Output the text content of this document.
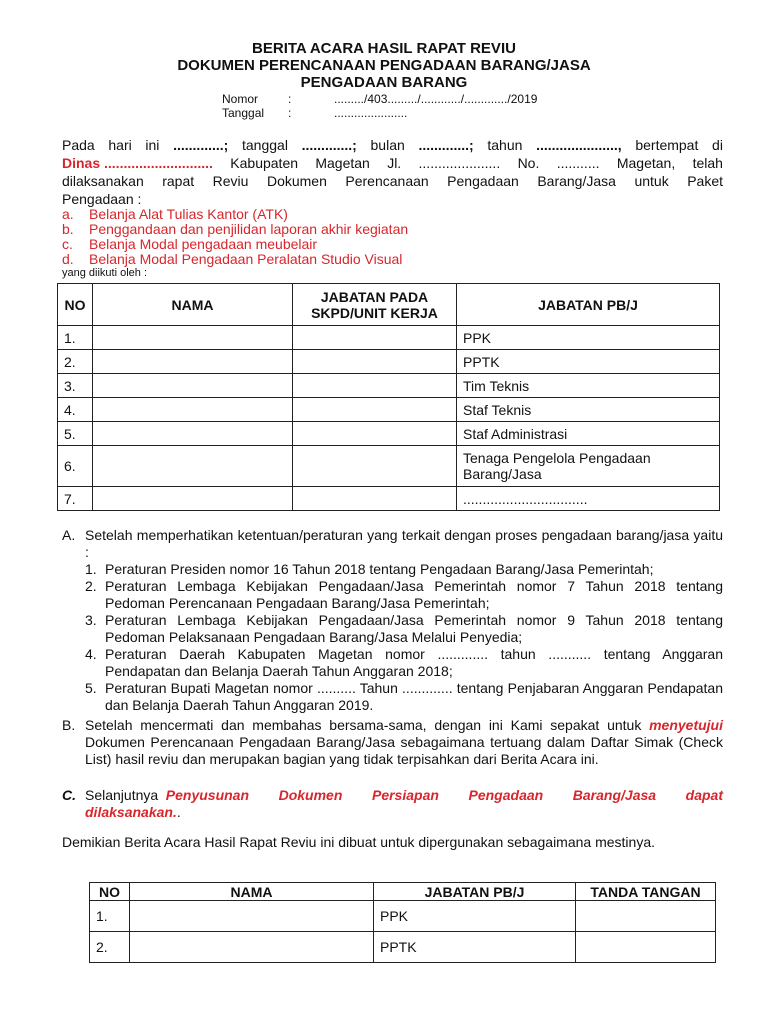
BERITA ACARA HASIL RAPAT REVIU
DOKUMEN PERENCANAAN PENGADAAN BARANG/JASA
PENGADAAN BARANG
Nomor :	........./403........./............/............./2019
Tanggal :	......................
Pada hari ini .............; tanggal .............; bulan .............; tahun ....................., bertempat di
Dinas ............................ Kabupaten Magetan Jl. ..................... No. ........... Magetan, telah
dilaksanakan rapat Reviu Dokumen Perencanaan Pengadaan Barang/Jasa untuk Paket
Pengadaan :
a.	Belanja Alat Tulias Kantor (ATK)
b.	Penggandaan dan penjilidan laporan akhir kegiatan
c.	Belanja Modal pengadaan meubelair
d.	Belanja Modal Pengadaan Peralatan Studio Visual
yang diikuti oleh :
NO	NAMA	JABATAN PADA SKPD/UNIT KERJA	JABATAN PB/J
1.			PPK
2.			PPTK
3.			Tim Teknis
4.			Staf Teknis
5.			Staf Administrasi
6.			Tenaga Pengelola Pengadaan Barang/Jasa
7.			................................
A. Setelah memperhatikan ketentuan/peraturan yang terkait dengan proses pengadaan barang/jasa yaitu :
1. Peraturan Presiden nomor 16 Tahun 2018 tentang Pengadaan Barang/Jasa Pemerintah;
2. Peraturan Lembaga Kebijakan Pengadaan/Jasa Pemerintah nomor 7 Tahun 2018 tentang Pedoman Perencanaan Pengadaan Barang/Jasa Pemerintah;
3. Peraturan Lembaga Kebijakan Pengadaan/Jasa Pemerintah nomor 9 Tahun 2018 tentang Pedoman Pelaksanaan Pengadaan Barang/Jasa Melalui Penyedia;
4. Peraturan Daerah Kabupaten Magetan nomor ............. tahun ........... tentang Anggaran Pendapatan dan Belanja Daerah Tahun Anggaran 2018;
5. Peraturan Bupati Magetan nomor .......... Tahun ............. tentang Penjabaran Anggaran Pendapatan dan Belanja Daerah Tahun Anggaran 2019.
B. Setelah mencermati dan membahas bersama-sama, dengan ini Kami sepakat untuk menyetujui Dokumen Perencanaan Pengadaan Barang/Jasa sebagaimana tertuang dalam Daftar Simak (Check List) hasil reviu dan merupakan bagian yang tidak terpisahkan dari Berita Acara ini.
C. Selanjutnya Penyusunan Dokumen Persiapan Pengadaan Barang/Jasa dapat dilaksanakan..
Demikian Berita Acara Hasil Rapat Reviu ini dibuat untuk dipergunakan sebagaimana mestinya.
NO	NAMA	JABATAN PB/J	TANDA TANGAN
1.		PPK	
2.		PPTK	
